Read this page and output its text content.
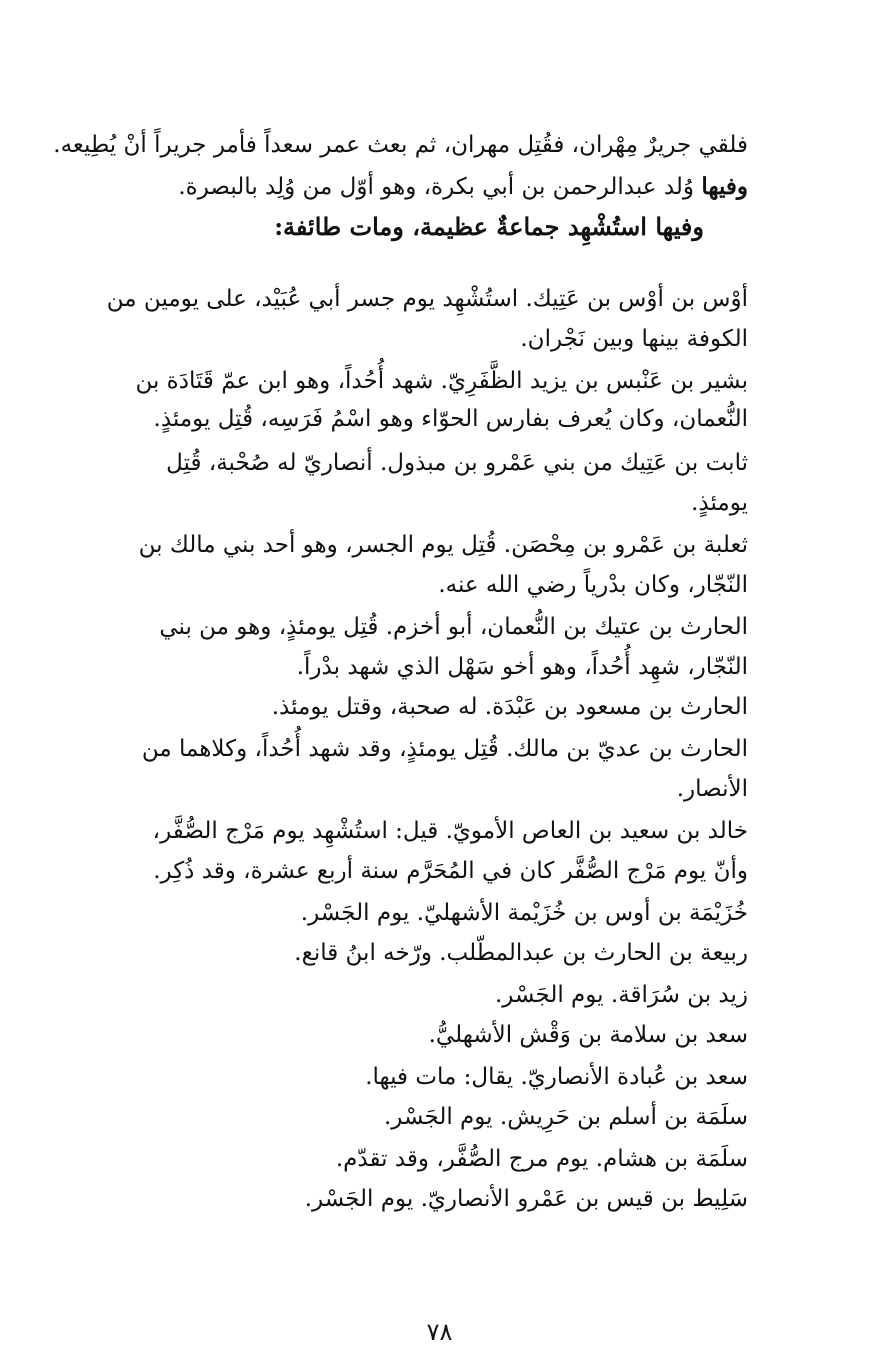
فلقي جريرٌ مِهْران، فقُتِل مهران، ثم بعث عمر سعداً فأمر جريراً أنْ يُطِيعه.
وفيها وُلد عبدالرحمن بن أبي بكرة، وهو أوّل من وُلِد بالبصرة.
وفيها استُشْهِد جماعةٌ عظيمة، ومات طائفة:
أوْس بن أوْس بن عَتِيك. استُشْهِد يوم جسر أبي عُبَيْد، على يومين من
الكوفة بينها وبين نَجْران.
بشير بن عَنْبس بن يزيد الظَّفَرِيّ. شهد أُحُداً، وهو ابن عمّ قَتَادَة بن
النُّعمان، وكان يُعرف بفارس الحوّاء وهو اسْمُ فَرَسِه، قُتِل يومئذٍ.
ثابت بن عَتِيك من بني عَمْرو بن مبذول. أنصاريّ له صُحْبة، قُتِل
يومئذٍ.
ثعلبة بن عَمْرو بن مِحْصَن. قُتِل يوم الجسر، وهو أحد بني مالك بن
النّجّار، وكان بدْرياً رضي الله عنه.
الحارث بن عتيك بن النُّعمان، أبو أخزم. قُتِل يومئذٍ، وهو من بني
النّجّار، شهِد أُحُداً، وهو أخو سَهْل الذي شهد بدْراً.
الحارث بن مسعود بن عَبْدَة. له صحبة، وقتل يومئذ.
الحارث بن عديّ بن مالك. قُتِل يومئذٍ، وقد شهد أُحُداً، وكلاهما من
الأنصار.
خالد بن سعيد بن العاص الأمويّ. قيل: استُشْهِد يوم مَرْج الصُّفَّر،
وأنّ يوم مَرْج الصُّفَّر كان في المُحَرَّم سنة أربع عشرة، وقد ذُكِر.
خُزَيْمَة بن أوس بن خُزَيْمة الأشهليّ. يوم الجَسْر.
ربيعة بن الحارث بن عبدالمطّلب. ورّخه ابنُ قانع.
زيد بن سُرَاقة. يوم الجَسْر.
سعد بن سلامة بن وَقْش الأشهليُّ.
سعد بن عُبادة الأنصاريّ. يقال: مات فيها.
سلَمَة بن أسلم بن حَرِيش. يوم الجَسْر.
سلَمَة بن هشام. يوم مرج الصُّفَّر، وقد تقدّم.
سَلِيط بن قيس بن عَمْرو الأنصاريّ. يوم الجَسْر.
٧٨
